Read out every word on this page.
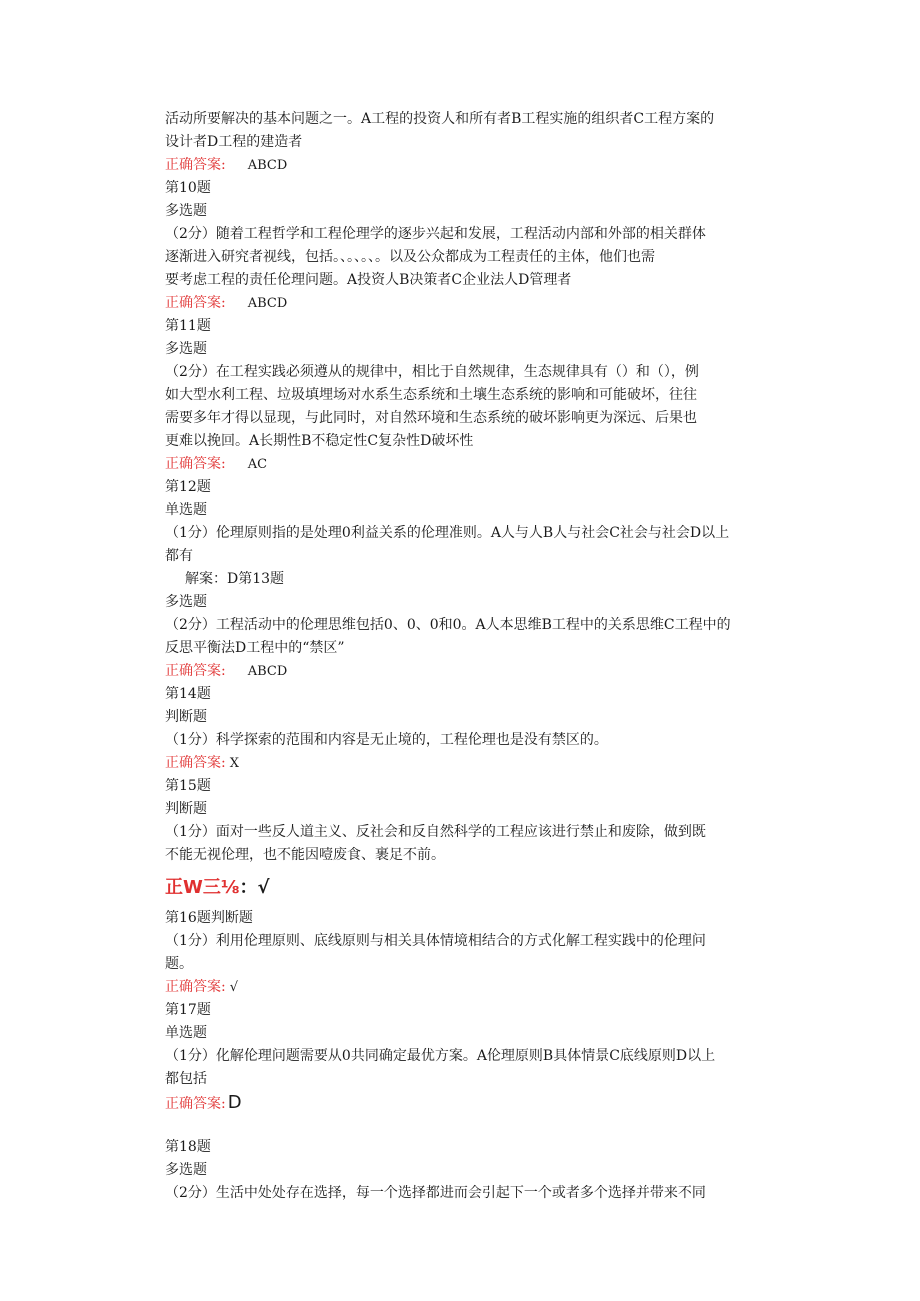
活动所要解决的基本问题之一。A工程的投资人和所有者B工程实施的组织者C工程方案的
设计者D工程的建造者
正确答案: ABCD
第10题
多选题
（2分）随着工程哲学和工程伦理学的逐步兴起和发展，工程活动内部和外部的相关群体
逐渐进入研究者视线，包括。、。、。、。以及公众都成为工程责任的主体，他们也需
要考虑工程的责任伦理问题。A投资人B决策者C企业法人D管理者
正确答案: ABCD
第11题
多选题
（2分）在工程实践必须遵从的规律中，相比于自然规律，生态规律具有（）和（），例
如大型水利工程、垃圾填埋场对水系生态系统和土壤生态系统的影响和可能破坏，往往
需要多年才得以显现，与此同时，对自然环境和生态系统的破坏影响更为深远、后果也
更难以挽回。A长期性B不稳定性C复杂性D破坏性
正确答案: AC
第12题
单选题
（1分）伦理原则指的是处理0利益关系的伦理准则。A人与人B人与社会C社会与社会D以上
都有
解案：D第13题
多选题
（2分）工程活动中的伦理思维包括0、0、0和0。A人本思维B工程中的关系思维C工程中的
反思平衡法D工程中的“禁区”
正确答案: ABCD
第14题
判断题
（1分）科学探索的范围和内容是无止境的，工程伦理也是没有禁区的。
正确答案: X
第15题
判断题
（1分）面对一些反人道主义、反社会和反自然科学的工程应该进行禁止和废除，做到既
不能无视伦理，也不能因噎废食、裹足不前。
正W三⅛：√
第16题判断题
（1分）利用伦理原则、底线原则与相关具体情境相结合的方式化解工程实践中的伦理问
题。
正确答案: √
第17题
单选题
（1分）化解伦理问题需要从0共同确定最优方案。A伦理原则B具体情景C底线原则D以上
都包括
正确答案: D
第18题
多选题
（2分）生活中处处存在选择，每一个选择都进而会引起下一个或者多个选择并带来不同
